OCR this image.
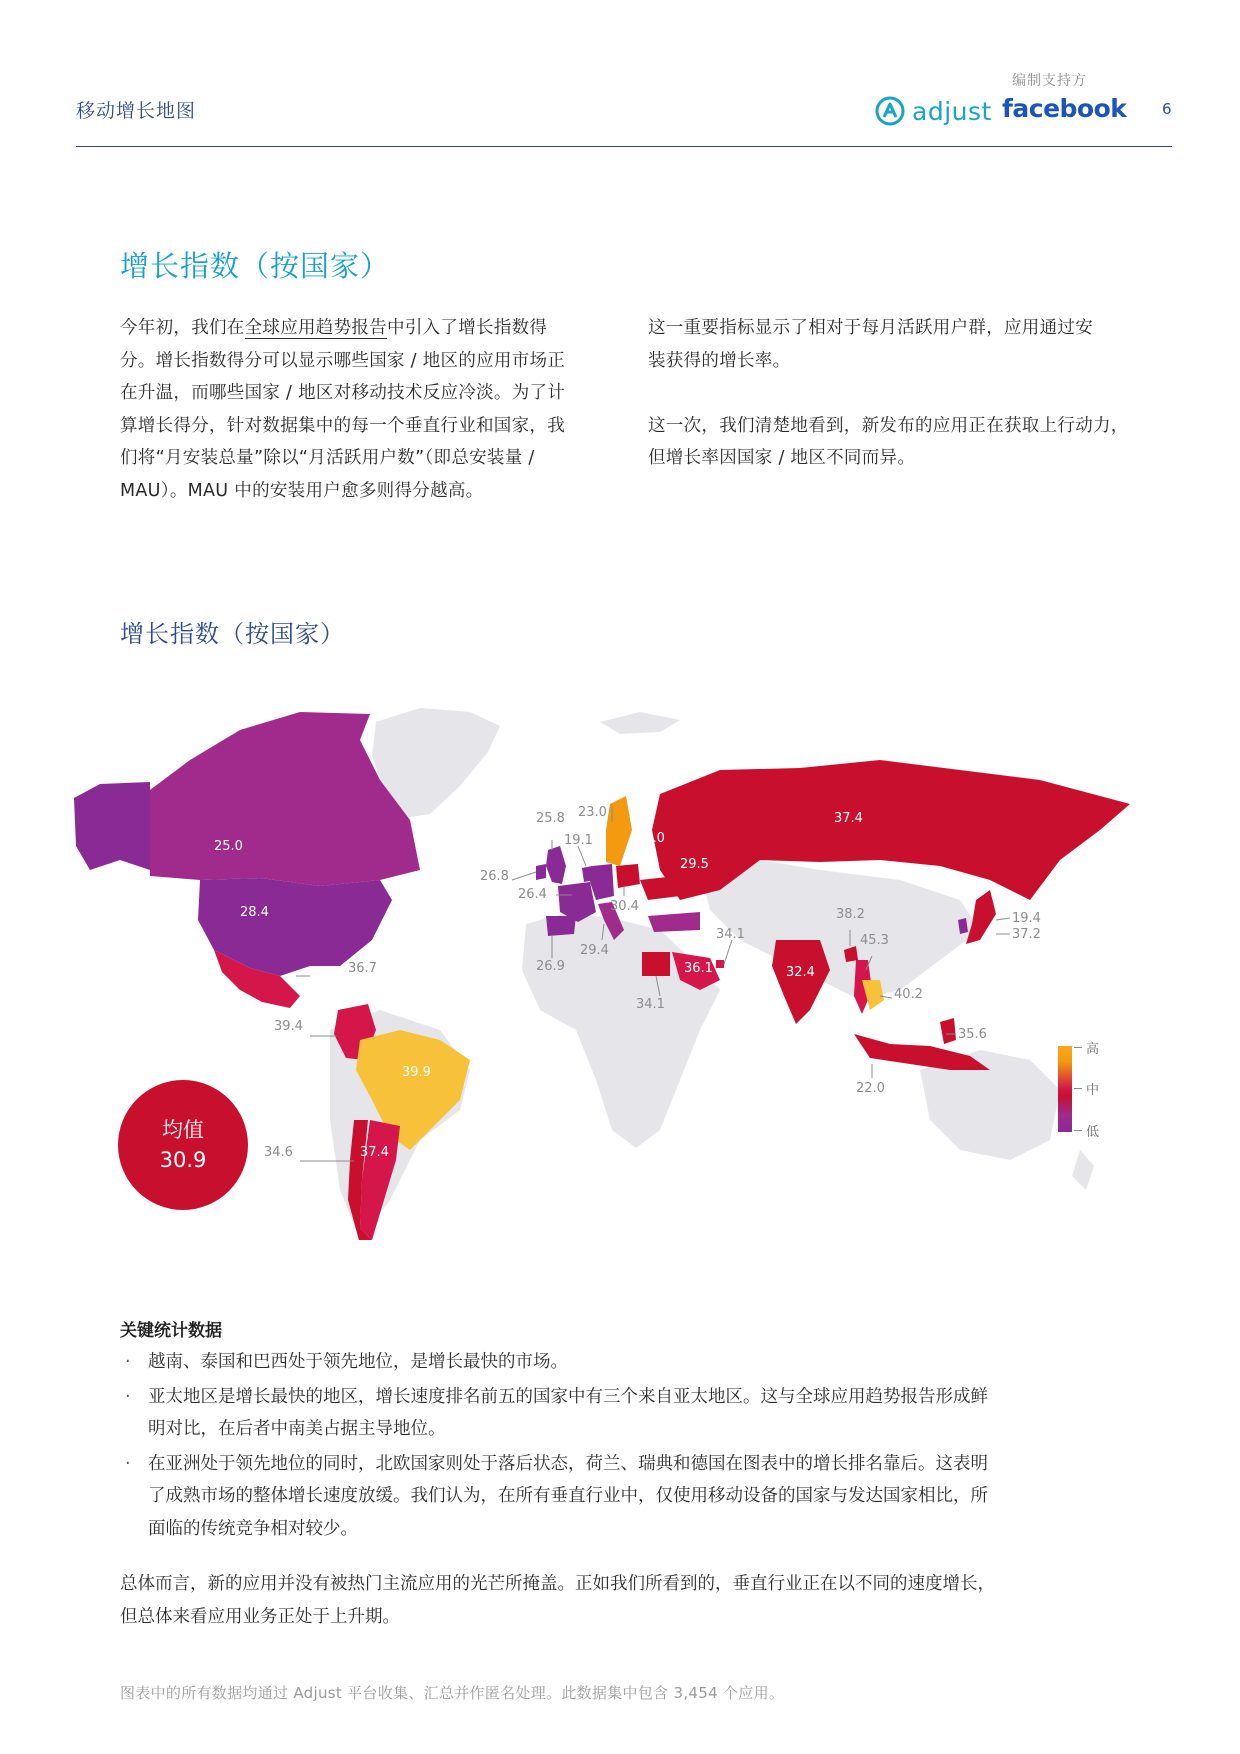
移动增长地图
编制支持方
adjust facebook 6
增长指数（按国家）

今年初，我们在全球应用趋势报告中引入了增长指数得

分。增长指数得分可以显示哪些国家 / 地区的应用市场正

在升温，而哪些国家 / 地区对移动技术反应冷淡。为了计

算增长得分，针对数据集中的每一个垂直行业和国家，我

们将“月安装总量”除以“月活跃用户数”（即总安装量 /

MAU）。MAU 中的安装用户愈多则得分越高。

这一重要指标显示了相对于每月活跃用户群，应用通过安

装获得的增长率。

这一次，我们清楚地看到，新发布的应用正在获取上行动力，

但增长率因国家 / 地区不同而异。

增长指数（按国家）
25.0
28.4
36.7
39.4
39.9
37.4
34.6
25.8 23.0
19.1	20.0
26.8
26.4
26.9
29.4
30.4
29.5
34.1
36.1
34.1
37.4
32.4
38.2
45.3
40.2
19.4
37.2
35.6
22.0
均值
30.9
高
中
低
关键统计数据
· 越南、泰国和巴西处于领先地位，是增长最快的市场。
· 亚太地区是增长最快的地区，增长速度排名前五的国家中有三个来自亚太地区。这与全球应用趋势报告形成鲜
明对比，在后者中南美占据主导地位。
· 在亚洲处于领先地位的同时，北欧国家则处于落后状态，荷兰、瑞典和德国在图表中的增长排名靠后。这表明
了成熟市场的整体增长速度放缓。我们认为，在所有垂直行业中，仅使用移动设备的国家与发达国家相比，所
面临的传统竞争相对较少。
总体而言，新的应用并没有被热门主流应用的光芒所掩盖。正如我们所看到的，垂直行业正在以不同的速度增长，
但总体来看应用业务正处于上升期。
图表中的所有数据均通过 Adjust 平台收集、汇总并作匿名处理。此数据集中包含 3,454 个应用。
